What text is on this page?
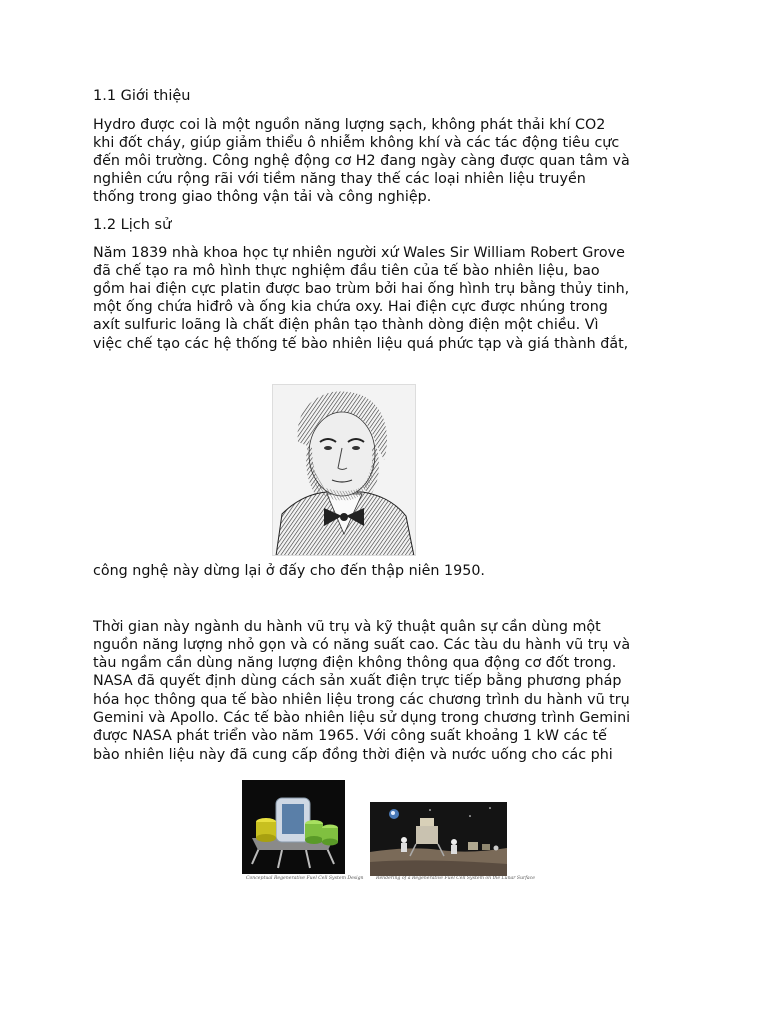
1.1 Giới thiệu

Hydro được coi là một nguồn năng lượng sạch, không phát thải khí CO2

khi đốt cháy, giúp giảm thiểu ô nhiễm không khí và các tác động tiêu cực

đến môi trường. Công nghệ động cơ H2 đang ngày càng được quan tâm và

nghiên cứu rộng rãi với tiềm năng thay thế các loại nhiên liệu truyền

thống trong giao thông vận tải và công nghiệp.

1.2 Lịch sử

Năm 1839 nhà khoa học tự nhiên người xứ Wales Sir William Robert Grove

đã chế tạo ra mô hình thực nghiệm đầu tiên của tế bào nhiên liệu, bao

gồm hai điện cực platin được bao trùm bởi hai ống hình trụ bằng thủy tinh,

một ống chứa hiđrô và ống kia chứa oxy. Hai điện cực được nhúng trong

axít sulfuric loãng là chất điện phân tạo thành dòng điện một chiều. Vì

việc chế tạo các hệ thống tế bào nhiên liệu quá phức tạp và giá thành đắt,

công nghệ này dừng lại ở đấy cho đến thập niên 1950.

Thời gian này ngành du hành vũ trụ và kỹ thuật quân sự cần dùng một

nguồn năng lượng nhỏ gọn và có năng suất cao. Các tàu du hành vũ trụ và

tàu ngầm cần dùng năng lượng điện không thông qua động cơ đốt trong.

NASA đã quyết định dùng cách sản xuất điện trực tiếp bằng phương pháp

hóa học thông qua tế bào nhiên liệu trong các chương trình du hành vũ trụ

Gemini và Apollo. Các tế bào nhiên liệu sử dụng trong chương trình Gemini

được NASA phát triển vào năm 1965. Với công suất khoảng 1 kW các tế

bào nhiên liệu này đã cung cấp đồng thời điện và nước uống cho các phi

Conceptual Regenerative Fuel Cell System Design	Rendering of a Regenerative Fuel Cell System on the Lunar Surface
